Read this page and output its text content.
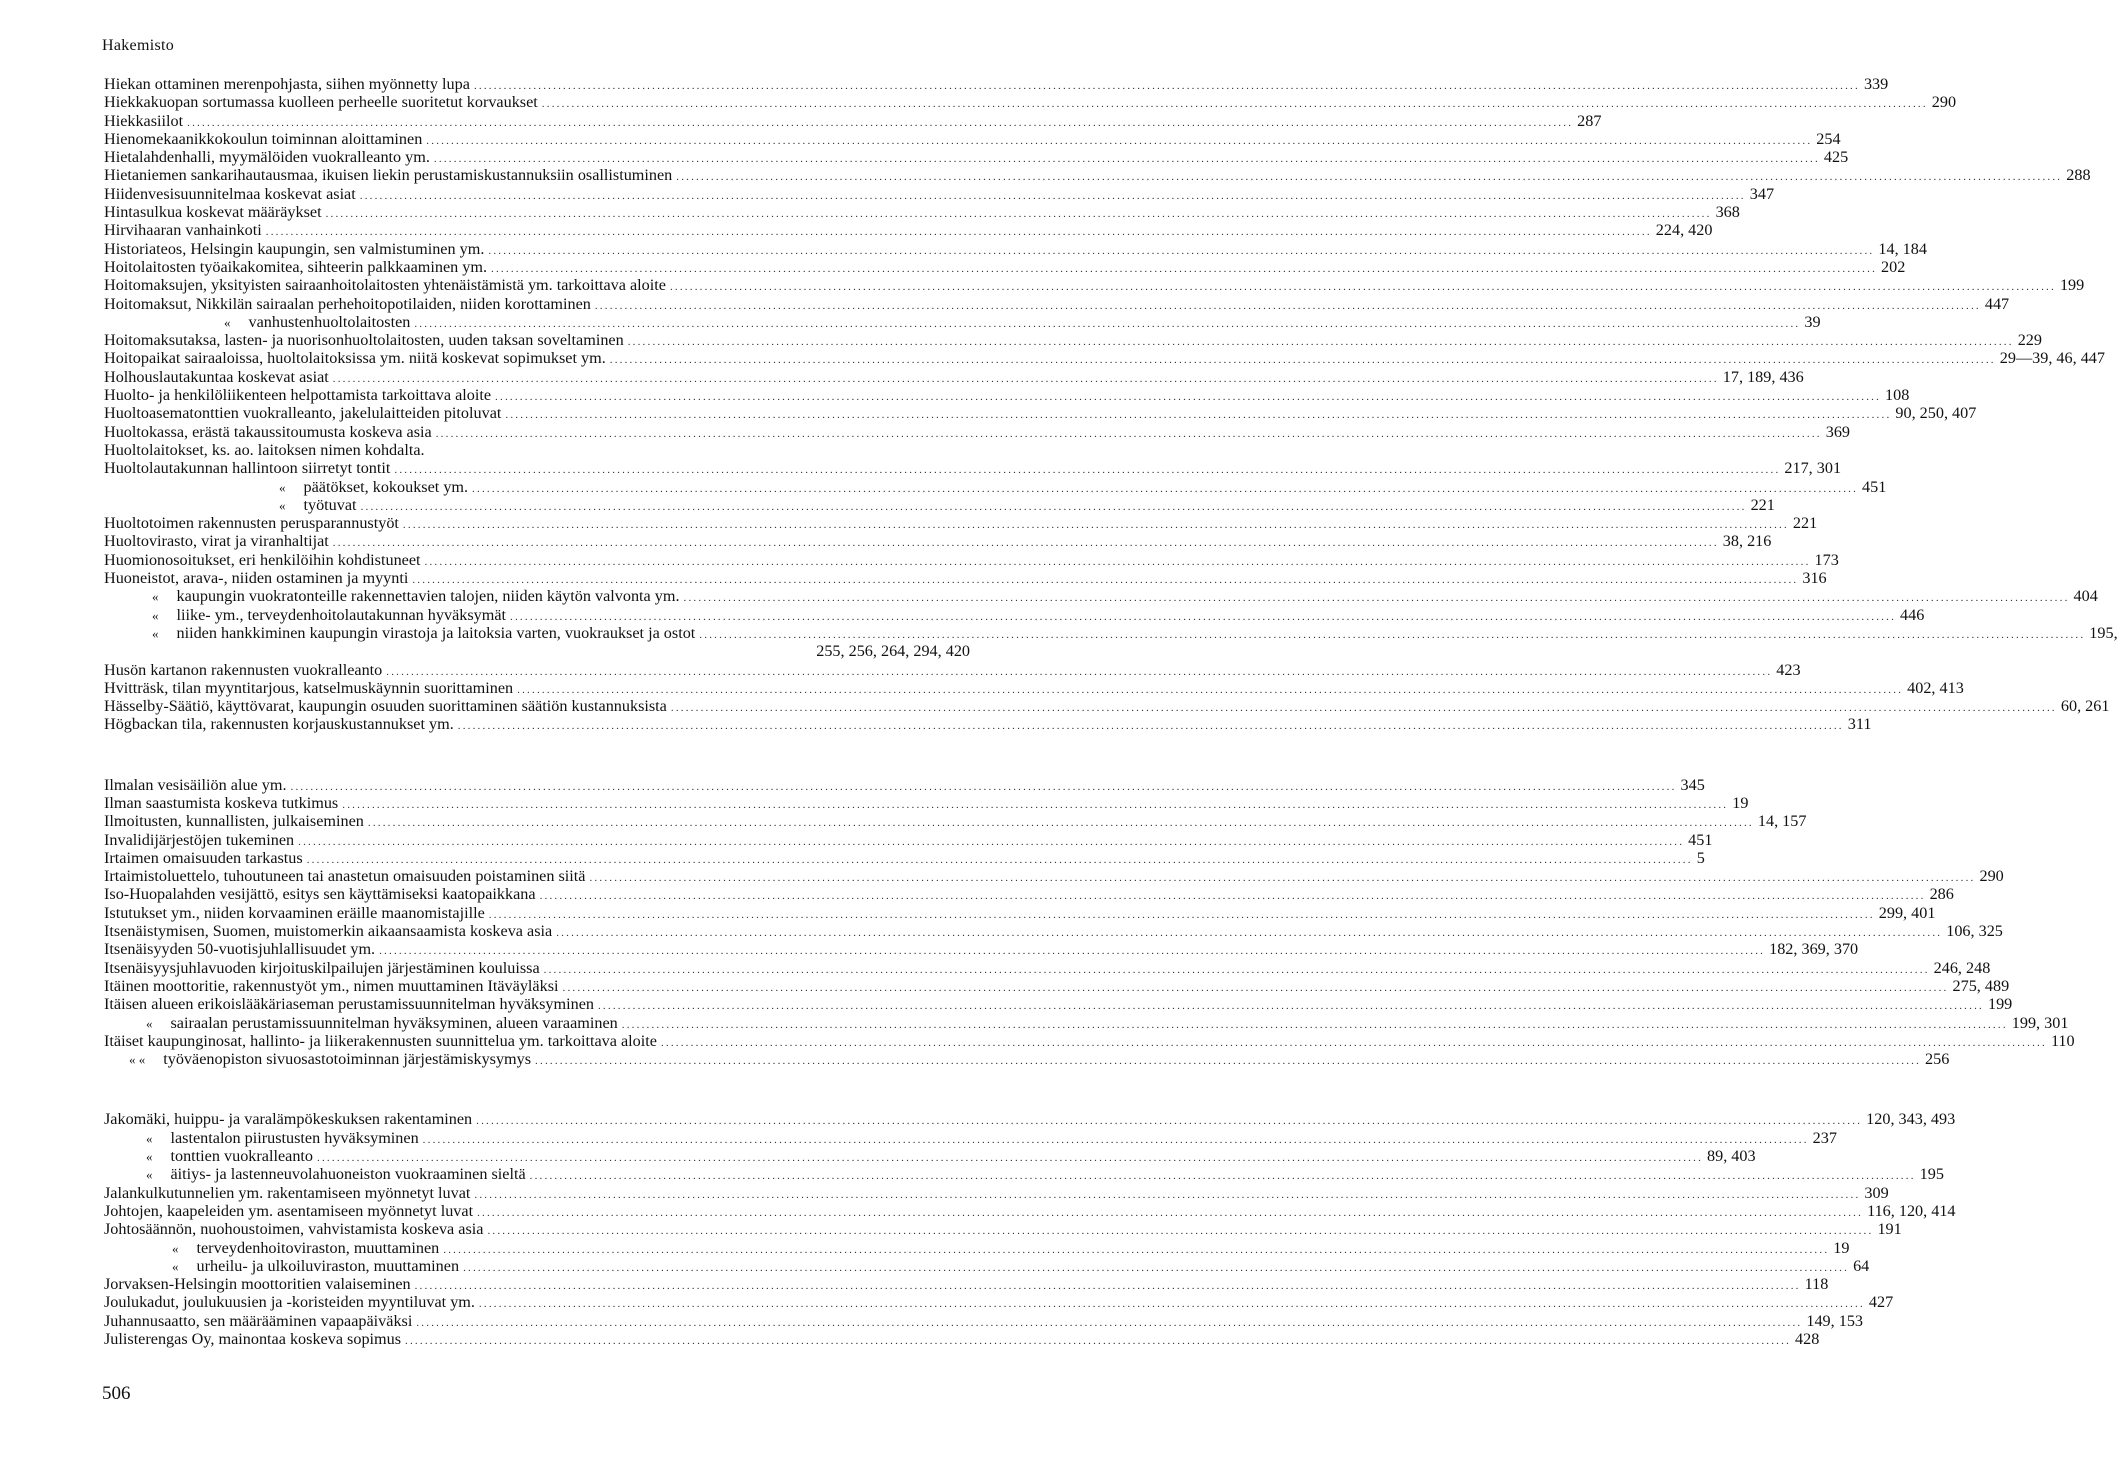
Hakemisto
Hiekan ottaminen merenpohjasta, siihen myönnetty lupa .....	339
Hiekkakuopan sortumassa kuolleen perheelle suoritetut korvaukset .....	290
Hiekkasiilot .....	287
Hienomekaanikkokoulun toiminnan aloittaminen .....	254
Hietalahdenhalli, myymälöiden vuokralleanto ym. .....	425
Hietaniemen sankarihautausmaa, ikuisen liekin perustamiskustannuksiin osallistuminen .....	288
Hiidenvesisuunnitelmaa koskevat asiat .....	347
Hintasulkua koskevat määräykset .....	368
Hirvihaaran vanhainkoti .....	224, 420
Historiateos, Helsingin kaupungin, sen valmistuminen ym. .....	14, 184
Hoitolaitosten työaikakomitea, sihteerin palkkaaminen ym. .....	202
Hoitomaksujen, yksityisten sairaanhoitolaitosten yhtenäistämistä ym. tarkoittava aloite .....	199
Hoitomaksut, Nikkilän sairaalan perhehoitopotilaiden, niiden korottaminen .....	447
« vanhustenhuoltolaitosten .....	39
Hoitomaksutaksa, lasten- ja nuorisonhuoltolaitosten, uuden taksan soveltaminen .....	229
Hoitopaikat sairaaloissa, huoltolaitoksissa ym. niitä koskevat sopimukset ym. .....	29—39, 46, 447
Holhouslautakuntaa koskevat asiat .....	17, 189, 436
Huolto- ja henkilöliikenteen helpottamista tarkoittava aloite .....	108
Huoltoasematonttien vuokralleanto, jakelulaitteiden pitoluvat .....	90, 250, 407
Huoltokassa, erästä takaussitoumusta koskeva asia .....	369
Huoltolaitokset, ks. ao. laitoksen nimen kohdalta.
Huoltolautakunnan hallintoon siirretyt tontit .....	217, 301
« päätökset, kokoukset ym. .....	451
« työtuvat .....	221
Huoltotoimen rakennusten perusparannustyöt .....	221
Huoltovirasto, virat ja viranhaltijat .....	38, 216
Huomionosoitukset, eri henkilöihin kohdistuneet .....	173
Huoneistot, arava-, niiden ostaminen ja myynti .....	316
« kaupungin vuokratonteille rakennettavien talojen, niiden käytön valvonta ym. .....	404
« liike- ym., terveydenhoitolautakunnan hyväksymät .....	446
« niiden hankkiminen kaupungin virastoja ja laitoksia varten, vuokraukset ja ostot .....	195,
255, 256, 264, 294, 420
Husön kartanon rakennusten vuokralleanto .....	423
Hvitträsk, tilan myyntitarjous, katselmuskäynnin suorittaminen .....	402, 413
Hässelby-Säätiö, käyttövarat, kaupungin osuuden suorittaminen säätiön kustannuksista .....	60, 261
Högbackan tila, rakennusten korjauskustannukset ym. .....	311
Ilmalan vesisäiliön alue ym. .....	345
Ilman saastumista koskeva tutkimus .....	19
Ilmoitusten, kunnallisten, julkaiseminen .....	14, 157
Invalidijärjestöjen tukeminen .....	451
Irtaimen omaisuuden tarkastus .....	5
Irtaimistoluettelo, tuhoutuneen tai anastetun omaisuuden poistaminen siitä .....	290
Iso-Huopalahden vesijättö, esitys sen käyttämiseksi kaatopaikkana .....	286
Istutukset ym., niiden korvaaminen eräille maanomistajille .....	299, 401
Itsenäistymisen, Suomen, muistomerkin aikaansaamista koskeva asia .....	106, 325
Itsenäisyyden 50-vuotisjuhlallisuudet ym. .....	182, 369, 370
Itsenäisyysjuhlavuoden kirjoituskilpailujen järjestäminen kouluissa .....	246, 248
Itäinen moottoritie, rakennustyöt ym., nimen muuttaminen Itäväyläksi .....	275, 489
Itäisen alueen erikoislääkäriaseman perustamissuunnitelman hyväksyminen .....	199
« sairaalan perustamissuunnitelman hyväksyminen, alueen varaaminen .....	199, 301
Itäiset kaupunginosat, hallinto- ja liikerakennusten suunnittelua ym. tarkoittava aloite .....	110
« « työväenopiston sivuosastotoiminnan järjestämiskysymys .....	256
Jakomäki, huippu- ja varalämpökeskuksen rakentaminen .....	120, 343, 493
« lastentalon piirustusten hyväksyminen .....	237
« tonttien vuokralleanto .....	89, 403
« äitiys- ja lastenneuvolahuoneiston vuokraaminen sieltä .....	195
Jalankulkutunnelien ym. rakentamiseen myönnetyt luvat .....	309
Johtojen, kaapeleiden ym. asentamiseen myönnetyt luvat .....	116, 120, 414
Johtosäännön, nuohoustoimen, vahvistamista koskeva asia .....	191
« terveydenhoitoviraston, muuttaminen .....	19
« urheilu- ja ulkoiluviraston, muuttaminen .....	64
Jorvaksen-Helsingin moottoritien valaiseminen .....	118
Joulukadut, joulukuusien ja -koristeiden myyntiluvat ym. .....	427
Juhannusaatto, sen määrääminen vapaapäiväksi .....	149, 153
Julisterengas Oy, mainontaa koskeva sopimus .....	428
506
